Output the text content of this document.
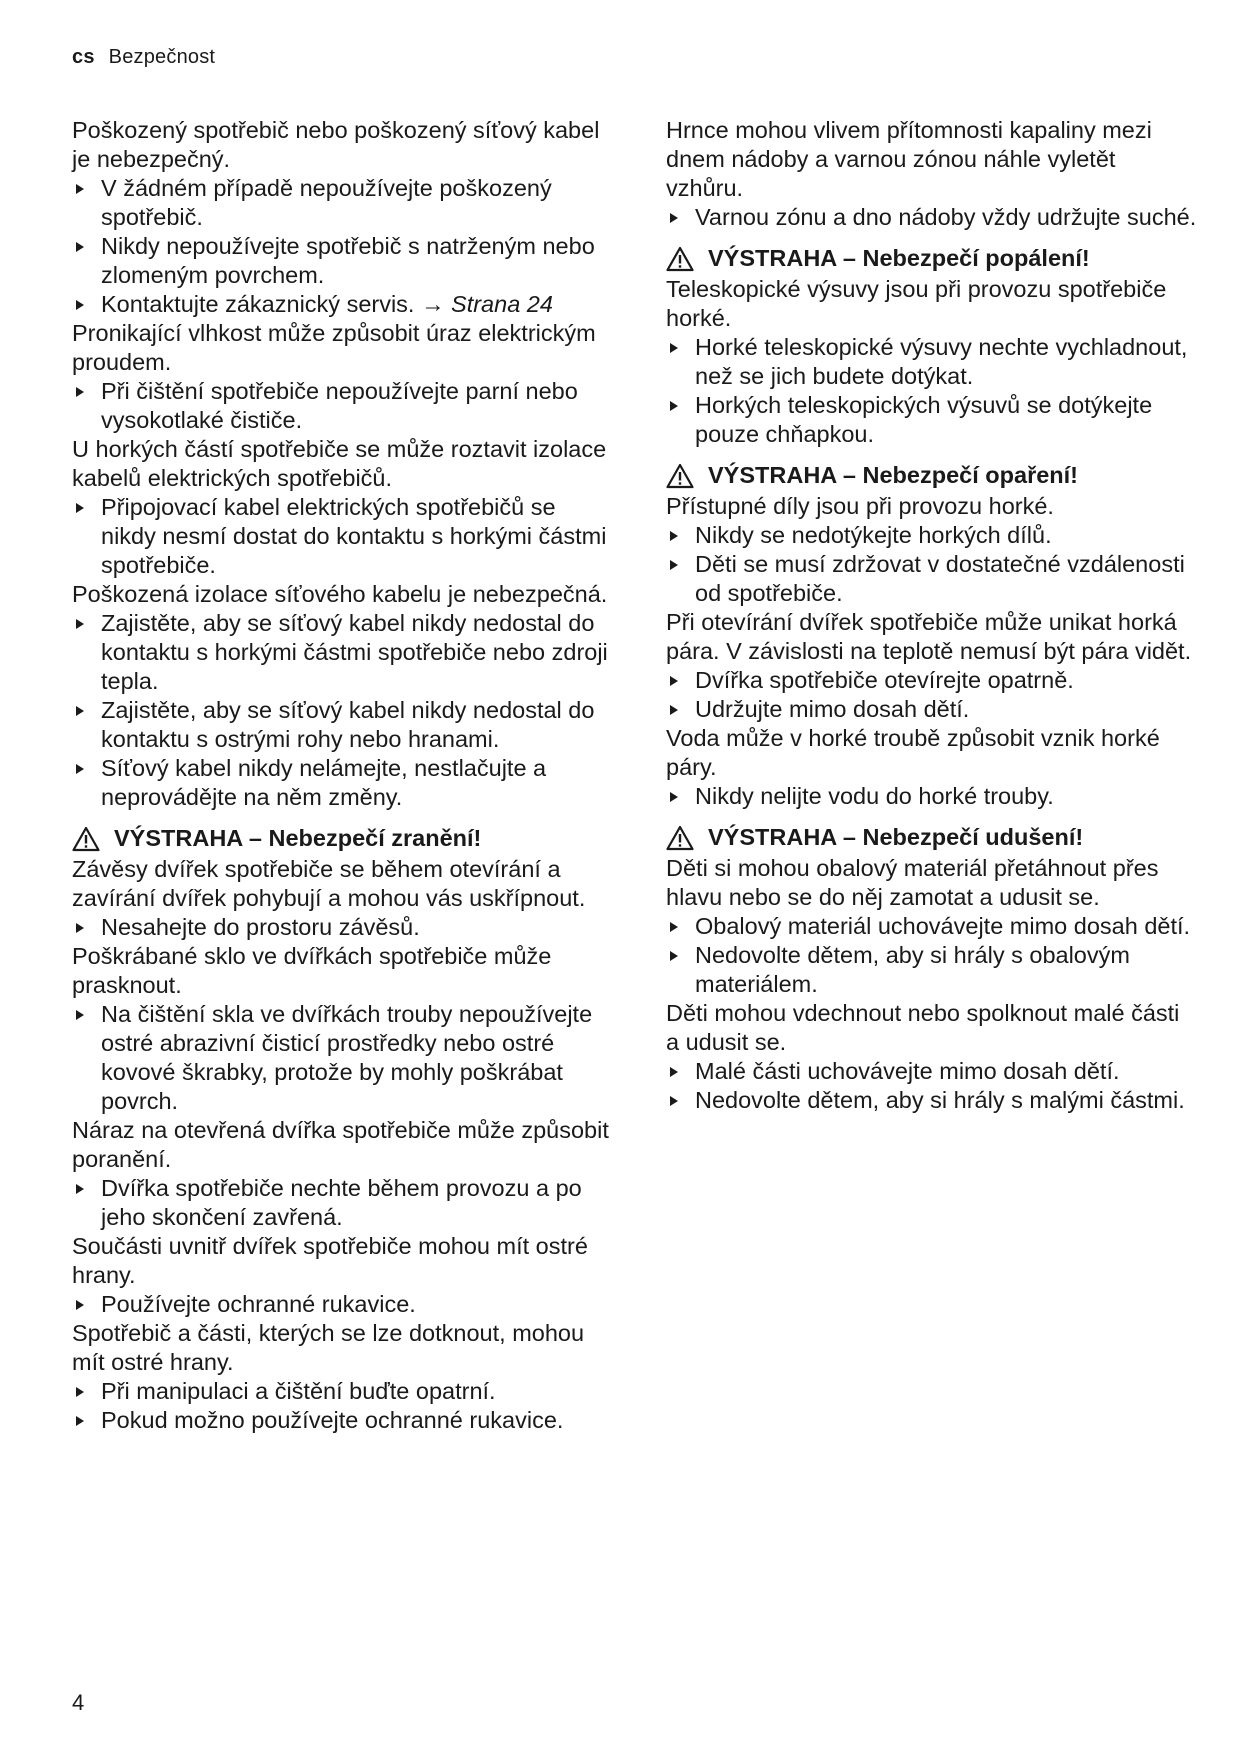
cs Bezpečnost

Poškozený spotřebič nebo poškozený síťový kabel je nebezpečný.

V žádném případě nepoužívejte poškozený spotřebič.

Nikdy nepoužívejte spotřebič s natrženým nebo zlomeným povrchem.

Kontaktujte zákaznický servis. → Strana 24

Pronikající vlhkost může způsobit úraz elektrickým proudem.

Při čištění spotřebiče nepoužívejte parní nebo vysokotlaké čističe.

U horkých částí spotřebiče se může roztavit izolace kabelů elektrických spotřebičů.

Připojovací kabel elektrických spotřebičů se nikdy nesmí dostat do kontaktu s horkými částmi spotřebiče.

Poškozená izolace síťového kabelu je nebezpečná.

Zajistěte, aby se síťový kabel nikdy nedostal do kontaktu s horkými částmi spotřebiče nebo zdroji tepla.

Zajistěte, aby se síťový kabel nikdy nedostal do kontaktu s ostrými rohy nebo hranami.

Síťový kabel nikdy nelámejte, nestlačujte a neprovádějte na něm změny.

VÝSTRAHA – Nebezpečí zranění!

Závěsy dvířek spotřebiče se během otevírání a zavírání dvířek pohybují a mohou vás uskřípnout.

Nesahejte do prostoru závěsů.

Poškrábané sklo ve dvířkách spotřebiče může prasknout.

Na čištění skla ve dvířkách trouby nepoužívejte ostré abrazivní čisticí prostředky nebo ostré kovové škrabky, protože by mohly poškrábat povrch.

Náraz na otevřená dvířka spotřebiče může způsobit poranění.

Dvířka spotřebiče nechte během provozu a po jeho skončení zavřená.

Součásti uvnitř dvířek spotřebiče mohou mít ostré hrany.

Používejte ochranné rukavice.

Spotřebič a části, kterých se lze dotknout, mohou mít ostré hrany.

Při manipulaci a čištění buďte opatrní.

Pokud možno používejte ochranné rukavice.

Hrnce mohou vlivem přítomnosti kapaliny mezi dnem nádoby a varnou zónou náhle vyletět vzhůru.

Varnou zónu a dno nádoby vždy udržujte suché.

VÝSTRAHA – Nebezpečí popálení!

Teleskopické výsuvy jsou při provozu spotřebiče horké.

Horké teleskopické výsuvy nechte vychladnout, než se jich budete dotýkat.

Horkých teleskopických výsuvů se dotýkejte pouze chňapkou.

VÝSTRAHA – Nebezpečí opaření!

Přístupné díly jsou při provozu horké.

Nikdy se nedotýkejte horkých dílů.

Děti se musí zdržovat v dostatečné vzdálenosti od spotřebiče.

Při otevírání dvířek spotřebiče může unikat horká pára. V závislosti na teplotě nemusí být pára vidět.

Dvířka spotřebiče otevírejte opatrně.

Udržujte mimo dosah dětí.

Voda může v horké troubě způsobit vznik horké páry.

Nikdy nelijte vodu do horké trouby.

VÝSTRAHA – Nebezpečí udušení!

Děti si mohou obalový materiál přetáhnout přes hlavu nebo se do něj zamotat a udusit se.

Obalový materiál uchovávejte mimo dosah dětí.

Nedovolte dětem, aby si hrály s obalovým materiálem.

Děti mohou vdechnout nebo spolknout malé části a udusit se.

Malé části uchovávejte mimo dosah dětí.

Nedovolte dětem, aby si hrály s malými částmi.

4
